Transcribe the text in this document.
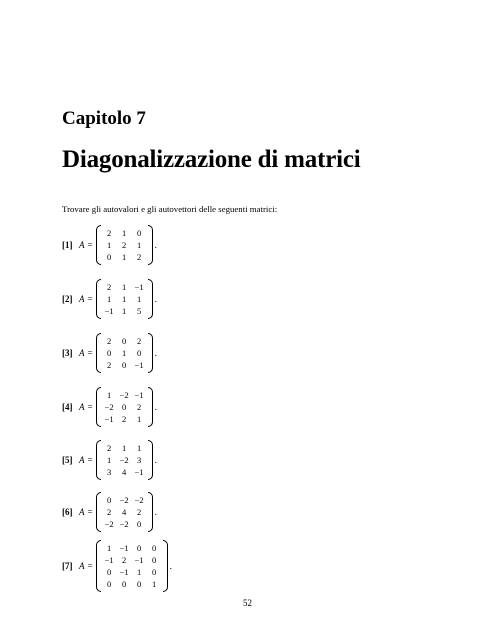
Capitolo 7
Diagonalizzazione di matrici
Trovare gli autovalori e gli autovettori delle seguenti matrici:
[1] A =
2	1	0
1	2	1
0	1	2
.
[2] A =
2	1	−1
1	1	1
−1	1	5
.
[3] A =
2	0	2
0	1	0
2	0	−1
.
[4] A =
1	−2	−1
−2	0	2
−1	2	1
.
[5] A =
2	1	1
1	−2	3
3	4	−1
.
[6] A =
0	−2	−2
2	4	2
−2	−2	0
.
[7] A =
1	−1	0	0
−1	2	−1	0
0	−1	1	0
0	0	0	1
.
52
